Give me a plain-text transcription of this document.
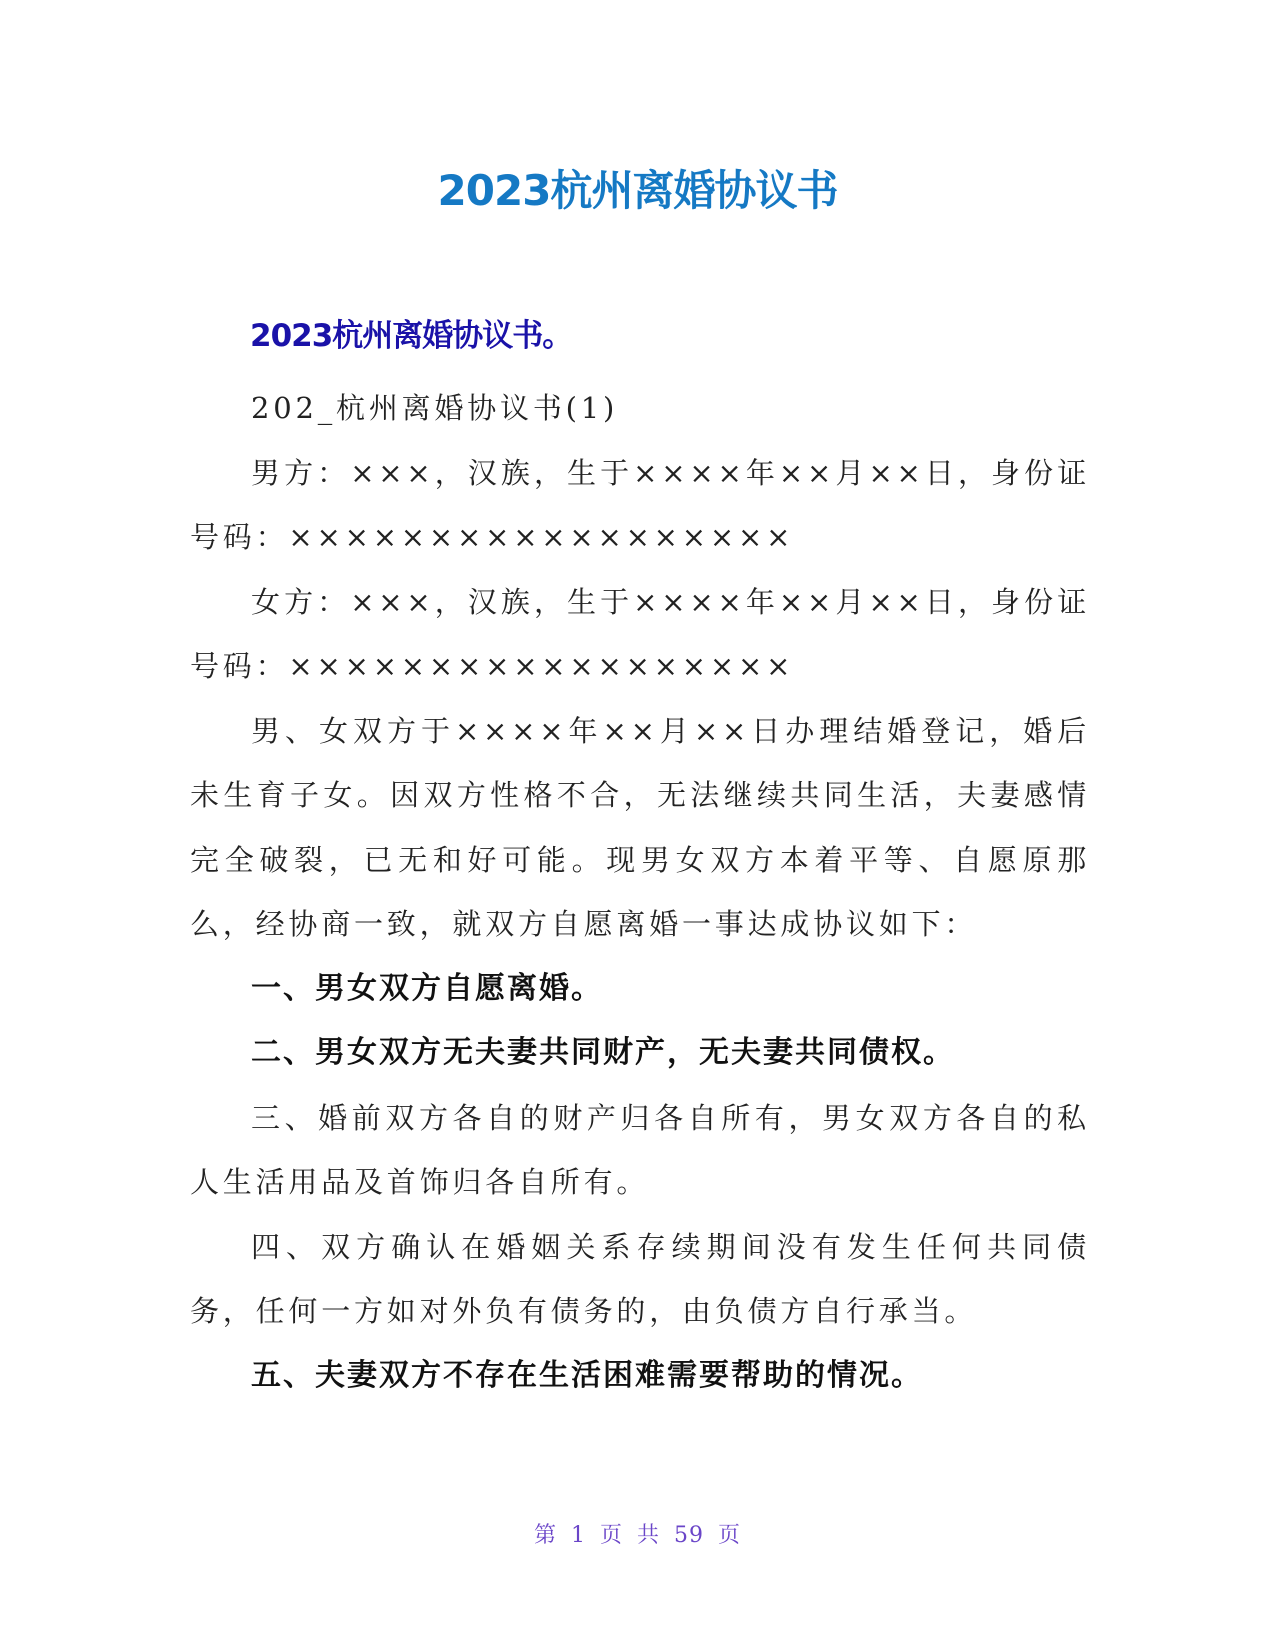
2023杭州离婚协议书
2023杭州离婚协议书。

202_杭州离婚协议书(1)

男方：×××，汉族，生于××××年××月××日，身份证号码：××××××××××××××××××

女方：×××，汉族，生于××××年××月××日，身份证号码：××××××××××××××××××

男、女双方于××××年××月××日办理结婚登记，婚后未生育子女。因双方性格不合，无法继续共同生活，夫妻感情完全破裂，已无和好可能。现男女双方本着平等、自愿原那么，经协商一致，就双方自愿离婚一事达成协议如下：

一、男女双方自愿离婚。

二、男女双方无夫妻共同财产，无夫妻共同债权。

三、婚前双方各自的财产归各自所有，男女双方各自的私人生活用品及首饰归各自所有。

四、双方确认在婚姻关系存续期间没有发生任何共同债务，任何一方如对外负有债务的，由负债方自行承当。

五、夫妻双方不存在生活困难需要帮助的情况。

第 1 页 共 59 页
